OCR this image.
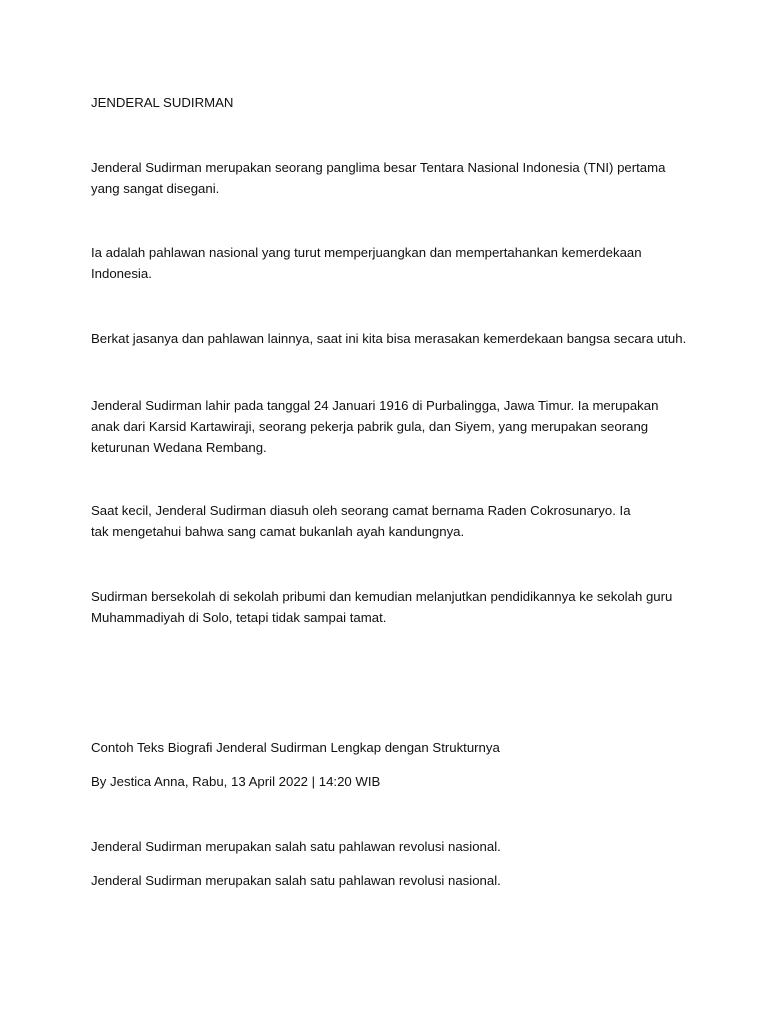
JENDERAL SUDIRMAN

Jenderal Sudirman merupakan seorang panglima besar Tentara Nasional Indonesia (TNI) pertama yang sangat disegani.

Ia adalah pahlawan nasional yang turut memperjuangkan dan mempertahankan kemerdekaan Indonesia.

Berkat jasanya dan pahlawan lainnya, saat ini kita bisa merasakan kemerdekaan bangsa secara utuh.

Jenderal Sudirman lahir pada tanggal 24 Januari 1916 di Purbalingga, Jawa Timur. Ia merupakan anak dari Karsid Kartawiraji, seorang pekerja pabrik gula, dan Siyem, yang merupakan seorang keturunan Wedana Rembang.

Saat kecil, Jenderal Sudirman diasuh oleh seorang camat bernama Raden Cokrosunaryo. Ia tak mengetahui bahwa sang camat bukanlah ayah kandungnya.

Sudirman bersekolah di sekolah pribumi dan kemudian melanjutkan pendidikannya ke sekolah guru Muhammadiyah di Solo, tetapi tidak sampai tamat.

Contoh Teks Biografi Jenderal Sudirman Lengkap dengan Strukturnya

By Jestica Anna, Rabu, 13 April 2022 | 14:20 WIB

Jenderal Sudirman merupakan salah satu pahlawan revolusi nasional.

Jenderal Sudirman merupakan salah satu pahlawan revolusi nasional.
